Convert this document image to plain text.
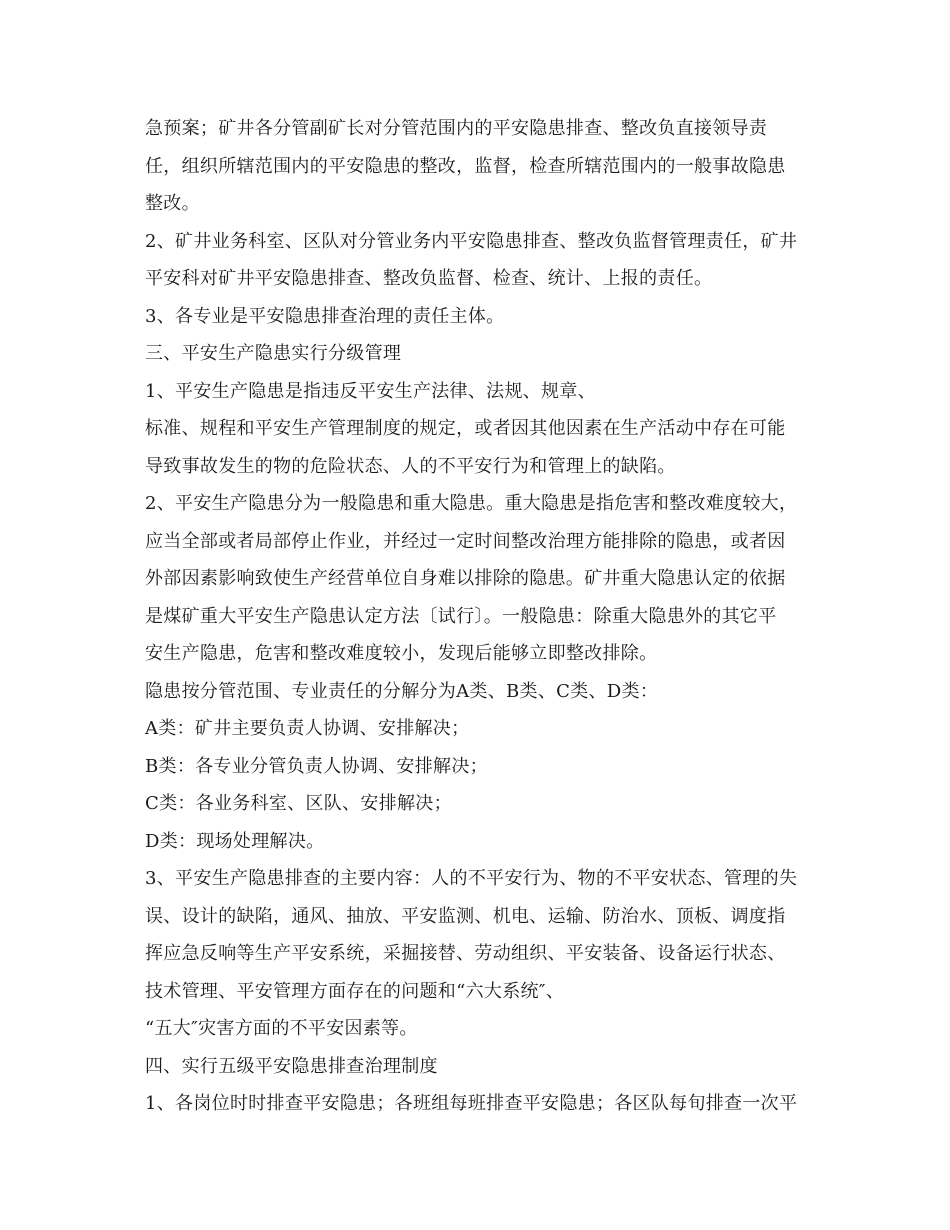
急预案；矿井各分管副矿长对分管范围内的平安隐患排查、整改负直接领导责

任，组织所辖范围内的平安隐患的整改，监督，检查所辖范围内的一般事故隐患

整改。

2、矿井业务科室、区队对分管业务内平安隐患排查、整改负监督管理责任，矿井

平安科对矿井平安隐患排查、整改负监督、检查、统计、上报的责任。

3、各专业是平安隐患排查治理的责任主体。

三、平安生产隐患实行分级管理

1、平安生产隐患是指违反平安生产法律、法规、规章、

标准、规程和平安生产管理制度的规定，或者因其他因素在生产活动中存在可能

导致事故发生的物的危险状态、人的不平安行为和管理上的缺陷。

2、平安生产隐患分为一般隐患和重大隐患。重大隐患是指危害和整改难度较大，

应当全部或者局部停止作业，并经过一定时间整改治理方能排除的隐患，或者因

外部因素影响致使生产经营单位自身难以排除的隐患。矿井重大隐患认定的依据

是煤矿重大平安生产隐患认定方法〔试行〕。一般隐患：除重大隐患外的其它平

安生产隐患，危害和整改难度较小，发现后能够立即整改排除。

隐患按分管范围、专业责任的分解分为A类、B类、C类、D类：

A类：矿井主要负责人协调、安排解决；

B类：各专业分管负责人协调、安排解决；

C类：各业务科室、区队、安排解决；

D类：现场处理解决。

3、平安生产隐患排查的主要内容：人的不平安行为、物的不平安状态、管理的失

误、设计的缺陷，通风、抽放、平安监测、机电、运输、防治水、顶板、调度指

挥应急反响等生产平安系统，采掘接替、劳动组织、平安装备、设备运行状态、

技术管理、平安管理方面存在的问题和“六大系统″、

“五大″灾害方面的不平安因素等。

四、实行五级平安隐患排查治理制度

1、各岗位时时排查平安隐患；各班组每班排查平安隐患；各区队每旬排查一次平
